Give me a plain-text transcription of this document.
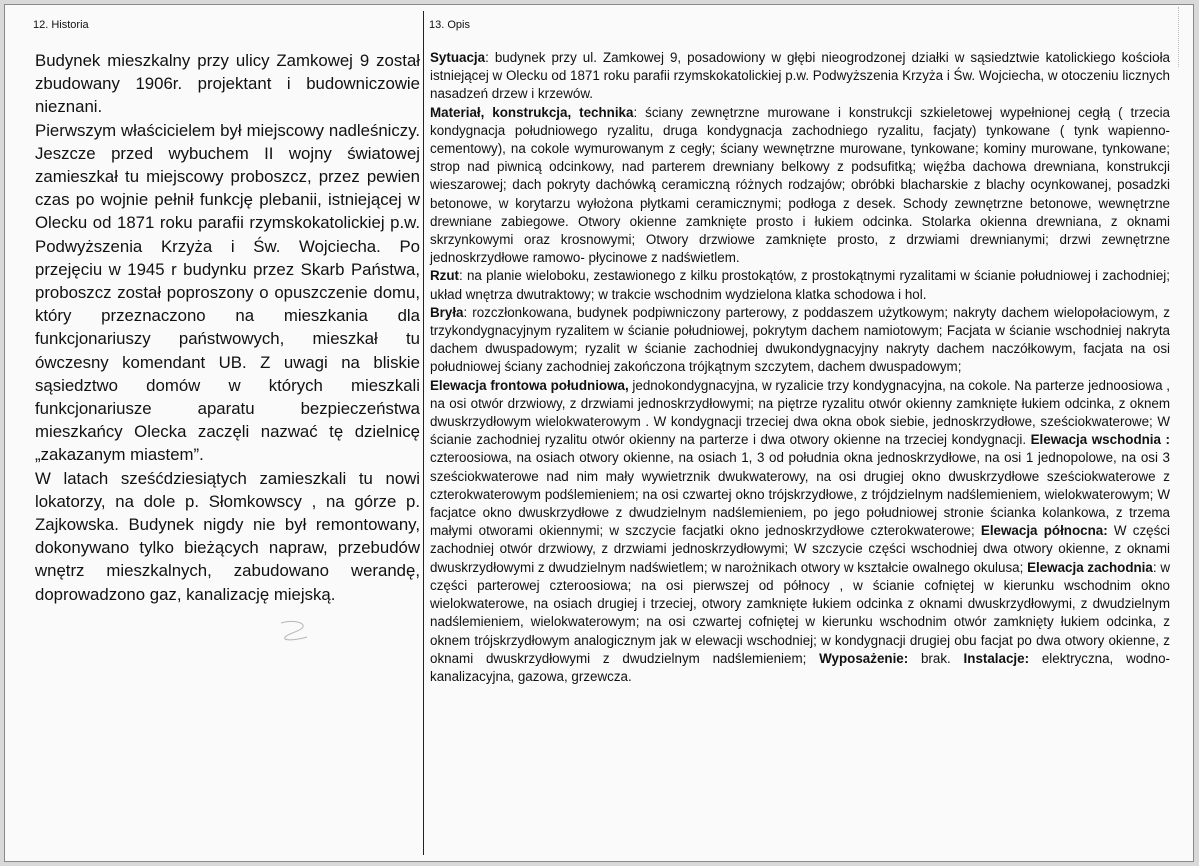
12. Historia	13. Opis

Budynek mieszkalny przy ulicy Zamkowej 9 został zbudowany 1906r. projektant i budowniczowie nieznani.

Pierwszym właścicielem był miejscowy nadleśniczy. Jeszcze przed wybuchem II wojny światowej zamieszkał tu miejscowy proboszcz, przez pewien czas po wojnie pełnił funkcję plebanii, istniejącej w Olecku od 1871 roku parafii rzymskokatolickiej p.w. Podwyższenia Krzyża i Św. Wojciecha. Po przejęciu w 1945 r budynku przez Skarb Państwa, proboszcz został poproszony o opuszczenie domu, który przeznaczono na mieszkania dla funkcjonariuszy państwowych, mieszkał tu ówczesny komendant UB. Z uwagi na bliskie sąsiedztwo domów w których mieszkali funkcjonariusze aparatu bezpieczeństwa mieszkańcy Olecka zaczęli nazwać tę dzielnicę „zakazanym miastem”.

W latach sześćdziesiątych zamieszkali tu nowi lokatorzy, na dole p. Słomkowscy , na górze p. Zajkowska. Budynek nigdy nie był remontowany, dokonywano tylko bieżących napraw, przebudów wnętrz mieszkalnych, zabudowano werandę, doprowadzono gaz, kanalizację miejską.

Sytuacja: budynek przy ul. Zamkowej 9, posadowiony w głębi nieogrodzonej działki w sąsiedztwie katolickiego kościoła istniejącej w Olecku od 1871 roku parafii rzymskokatolickiej p.w. Podwyższenia Krzyża i Św. Wojciecha, w otoczeniu licznych nasadzeń drzew i krzewów.

Materiał, konstrukcja, technika: ściany zewnętrzne murowane i konstrukcji szkieletowej wypełnionej cegłą ( trzecia kondygnacja południowego ryzalitu, druga kondygnacja zachodniego ryzalitu, facjaty) tynkowane ( tynk wapienno- cementowy), na cokole wymurowanym z cegły; ściany wewnętrzne murowane, tynkowane; kominy murowane, tynkowane; strop nad piwnicą odcinkowy, nad parterem drewniany belkowy z podsufitką; więźba dachowa drewniana, konstrukcji wieszarowej; dach pokryty dachówką ceramiczną różnych rodzajów; obróbki blacharskie z blachy ocynkowanej, posadzki betonowe, w korytarzu wyłożona płytkami ceramicznymi; podłoga z desek. Schody zewnętrzne betonowe, wewnętrzne drewniane zabiegowe. Otwory okienne zamknięte prosto i łukiem odcinka. Stolarka okienna drewniana, z oknami skrzynkowymi oraz krosnowymi; Otwory drzwiowe zamknięte prosto, z drzwiami drewnianymi; drzwi zewnętrzne jednoskrzydłowe ramowo- płycinowe z nadświetlem.

Rzut: na planie wieloboku, zestawionego z kilku prostokątów, z prostokątnymi ryzalitami w ścianie południowej i zachodniej; układ wnętrza dwutraktowy; w trakcie wschodnim wydzielona klatka schodowa i hol.

Bryła: rozczłonkowana, budynek podpiwniczony parterowy, z poddaszem użytkowym; nakryty dachem wielopołaciowym, z trzykondygnacyjnym ryzalitem w ścianie południowej, pokrytym dachem namiotowym; Facjata w ścianie wschodniej nakryta dachem dwuspadowym; ryzalit w ścianie zachodniej dwukondygnacyjny nakryty dachem naczółkowym, facjata na osi południowej ściany zachodniej zakończona trójkątnym szczytem, dachem dwuspadowym;

Elewacja frontowa południowa, jednokondygnacyjna, w ryzalicie trzy kondygnacyjna, na cokole. Na parterze jednoosiowa , na osi otwór drzwiowy, z drzwiami jednoskrzydłowymi; na piętrze ryzalitu otwór okienny zamknięte łukiem odcinka, z oknem dwuskrzydłowym wielokwaterowym . W kondygnacji trzeciej dwa okna obok siebie, jednoskrzydłowe, sześciokwaterowe; W ścianie zachodniej ryzalitu otwór okienny na parterze i dwa otwory okienne na trzeciej kondygnacji. Elewacja wschodnia : czteroosiowa, na osiach otwory okienne, na osiach 1, 3 od południa okna jednoskrzydłowe, na osi 1 jednopolowe, na osi 3 sześciokwaterowe nad nim mały wywietrznik dwukwaterowy, na osi drugiej okno dwuskrzydłowe sześciokwaterowe z czterokwaterowym podślemieniem; na osi czwartej okno trójskrzydłowe, z trójdzielnym nadślemieniem, wielokwaterowym; W facjatce okno dwuskrzydłowe z dwudzielnym nadślemieniem, po jego południowej stronie ścianka kolankowa, z trzema małymi otworami okiennymi; w szczycie facjatki okno jednoskrzydłowe czterokwaterowe; Elewacja północna: W części zachodniej otwór drzwiowy, z drzwiami jednoskrzydłowymi; W szczycie części wschodniej dwa otwory okienne, z oknami dwuskrzydłowymi z dwudzielnym nadświetlem; w narożnikach otwory w kształcie owalnego okulusa; Elewacja zachodnia: w części parterowej czteroosiowa; na osi pierwszej od północy , w ścianie cofniętej w kierunku wschodnim okno wielokwaterowe, na osiach drugiej i trzeciej, otwory zamknięte łukiem odcinka z oknami dwuskrzydłowymi, z dwudzielnym nadślemieniem, wielokwaterowym; na osi czwartej cofniętej w kierunku wschodnim otwór zamknięty łukiem odcinka, z oknem trójskrzydłowym analogicznym jak w elewacji wschodniej; w kondygnacji drugiej obu facjat po dwa otwory okienne, z oknami dwuskrzydłowymi z dwudzielnym nadślemieniem; Wyposażenie: brak. Instalacje: elektryczna, wodno-kanalizacyjna, gazowa, grzewcza.
